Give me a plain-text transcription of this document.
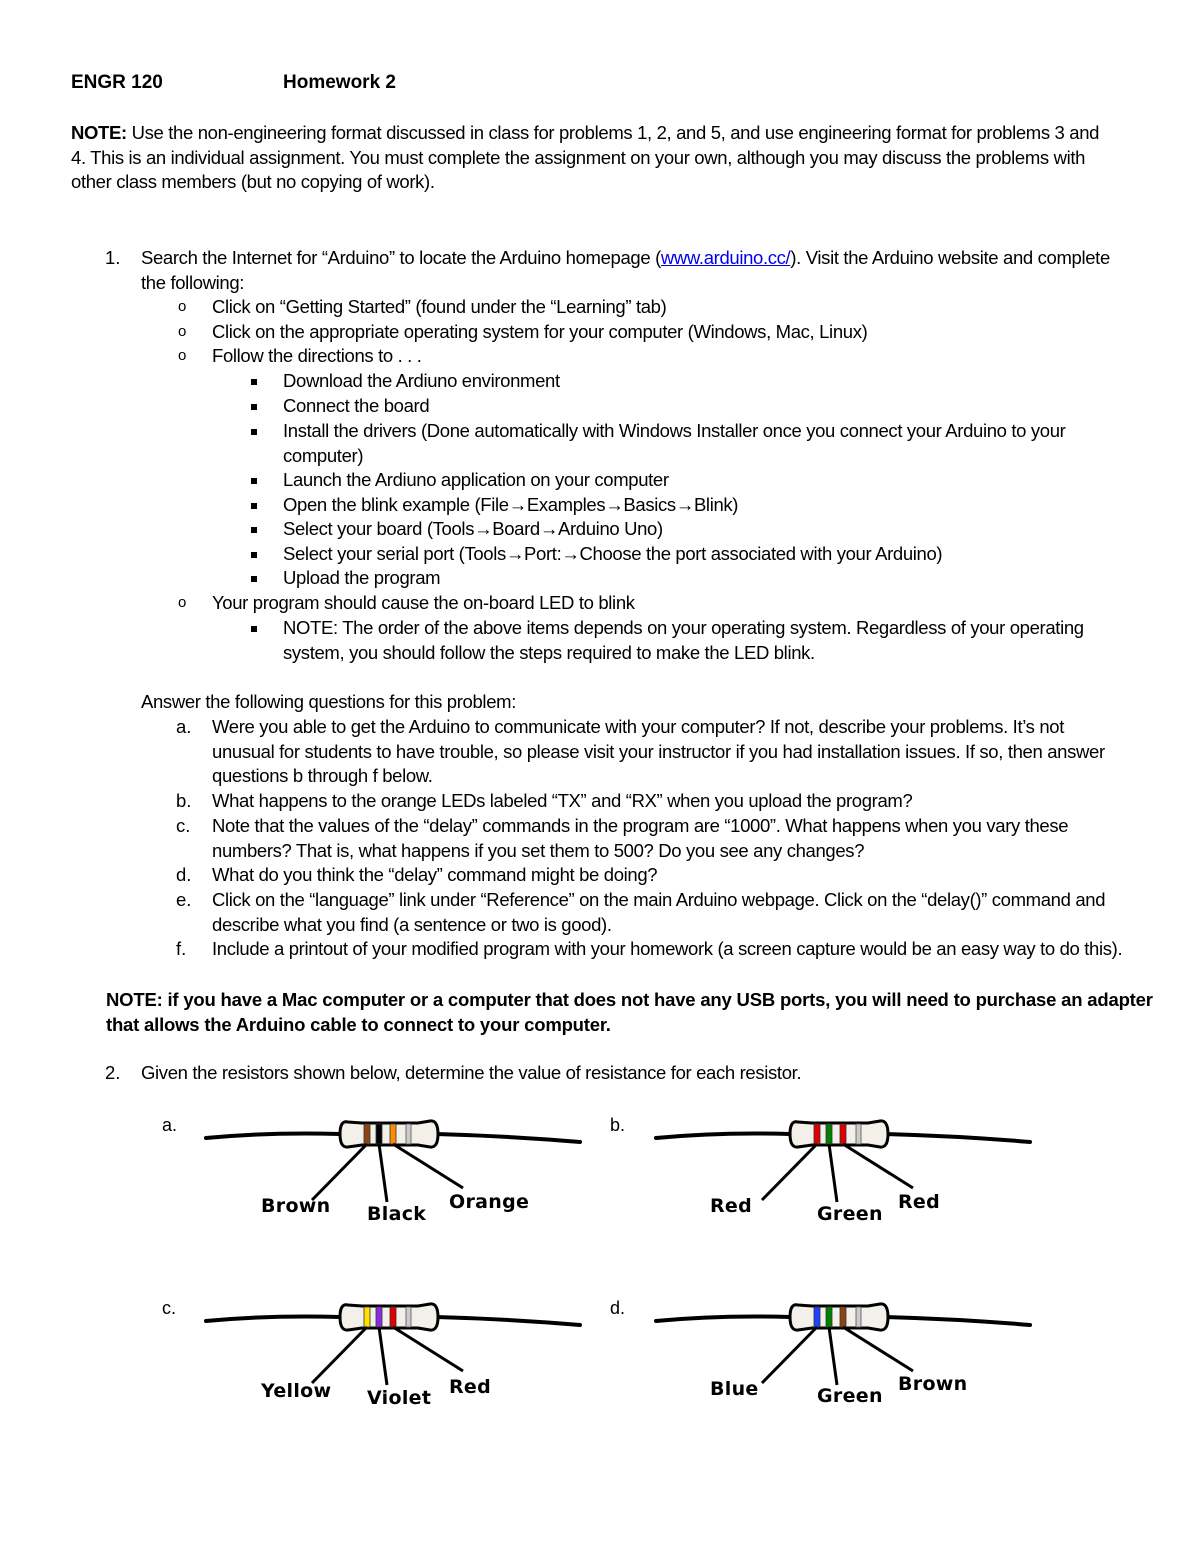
ENGR 120	Homework 2
NOTE: Use the non-engineering format discussed in class for problems 1, 2, and 5, and use engineering format for problems 3 and
4. This is an individual assignment. You must complete the assignment on your own, although you may discuss the problems with
other class members (but no copying of work).
1. Search the Internet for “Arduino” to locate the Arduino homepage (www.arduino.cc/). Visit the Arduino website and complete
the following:
o Click on “Getting Started” (found under the “Learning” tab)
o Click on the appropriate operating system for your computer (Windows, Mac, Linux)
o Follow the directions to . . .
Download the Ardiuno environment
Connect the board
Install the drivers (Done automatically with Windows Installer once you connect your Arduino to your
computer)
Launch the Ardiuno application on your computer
Open the blink example (File→Examples→Basics→Blink)
Select your board (Tools→Board→Arduino Uno)
Select your serial port (Tools→Port:→Choose the port associated with your Arduino)
Upload the program
o Your program should cause the on-board LED to blink
NOTE: The order of the above items depends on your operating system. Regardless of your operating
system, you should follow the steps required to make the LED blink.
Answer the following questions for this problem:
a. Were you able to get the Arduino to communicate with your computer? If not, describe your problems. It’s not
unusual for students to have trouble, so please visit your instructor if you had installation issues. If so, then answer
questions b through f below.
b. What happens to the orange LEDs labeled “TX” and “RX” when you upload the program?
c. Note that the values of the “delay” commands in the program are “1000”. What happens when you vary these
numbers? That is, what happens if you set them to 500? Do you see any changes?
d. What do you think the “delay” command might be doing?
e. Click on the “language” link under “Reference” on the main Arduino webpage. Click on the “delay()” command and
describe what you find (a sentence or two is good).
f. Include a printout of your modified program with your homework (a screen capture would be an easy way to do this).
NOTE: if you have a Mac computer or a computer that does not have any USB ports, you will need to purchase an adapter
that allows the Arduino cable to connect to your computer.
2. Given the resistors shown below, determine the value of resistance for each resistor.
a.	b.
c.	d.
Brown Black
Orange	Red	Green
Red
Yellow Violet Red	Blue	Green
Brown
